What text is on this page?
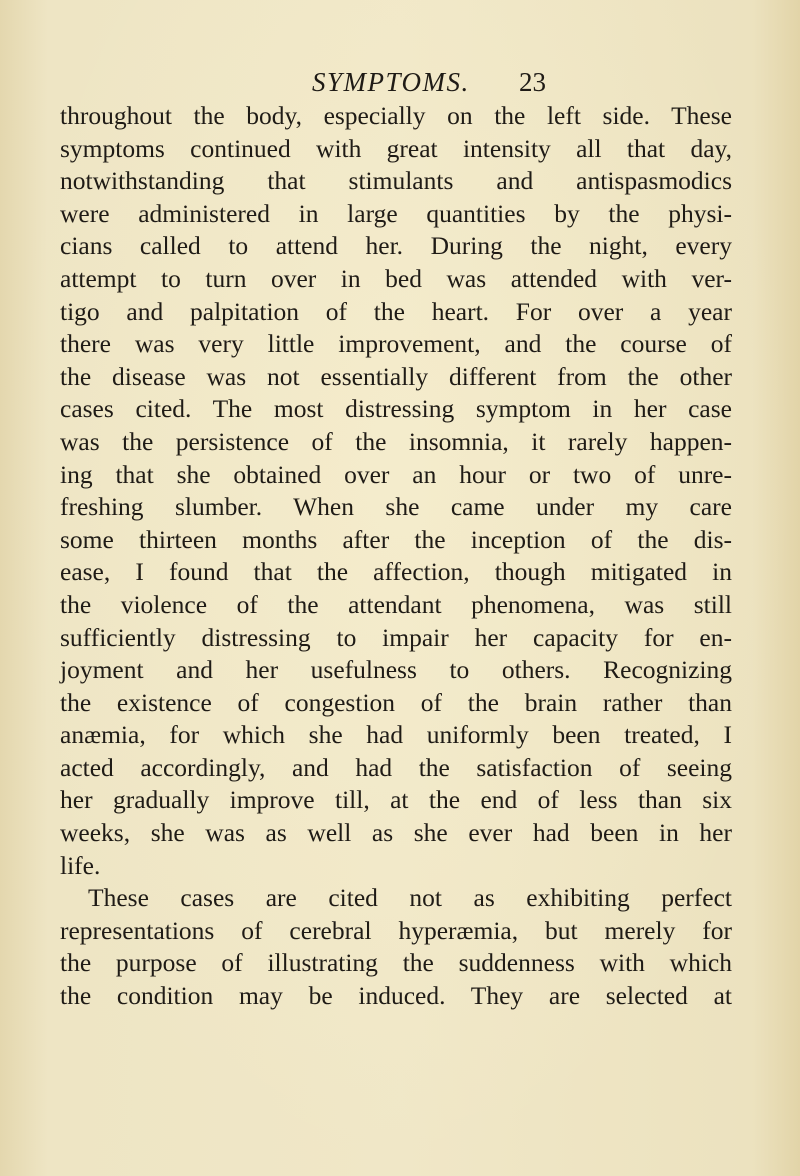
SYMPTOMS. 23
throughout the body, especially on the left side. These
symptoms continued with great intensity all that day,
notwithstanding that stimulants and antispasmodics
were administered in large quantities by the physi-
cians called to attend her. During the night, every
attempt to turn over in bed was attended with ver-
tigo and palpitation of the heart. For over a year
there was very little improvement, and the course of
the disease was not essentially different from the other
cases cited. The most distressing symptom in her case
was the persistence of the insomnia, it rarely happen-
ing that she obtained over an hour or two of unre-
freshing slumber. When she came under my care
some thirteen months after the inception of the dis-
ease, I found that the affection, though mitigated in
the violence of the attendant phenomena, was still
sufficiently distressing to impair her capacity for en-
joyment and her usefulness to others. Recognizing
the existence of congestion of the brain rather than
anæmia, for which she had uniformly been treated, I
acted accordingly, and had the satisfaction of seeing
her gradually improve till, at the end of less than six
weeks, she was as well as she ever had been in her
life.
These cases are cited not as exhibiting perfect
representations of cerebral hyperæmia, but merely for
the purpose of illustrating the suddenness with which
the condition may be induced. They are selected at
